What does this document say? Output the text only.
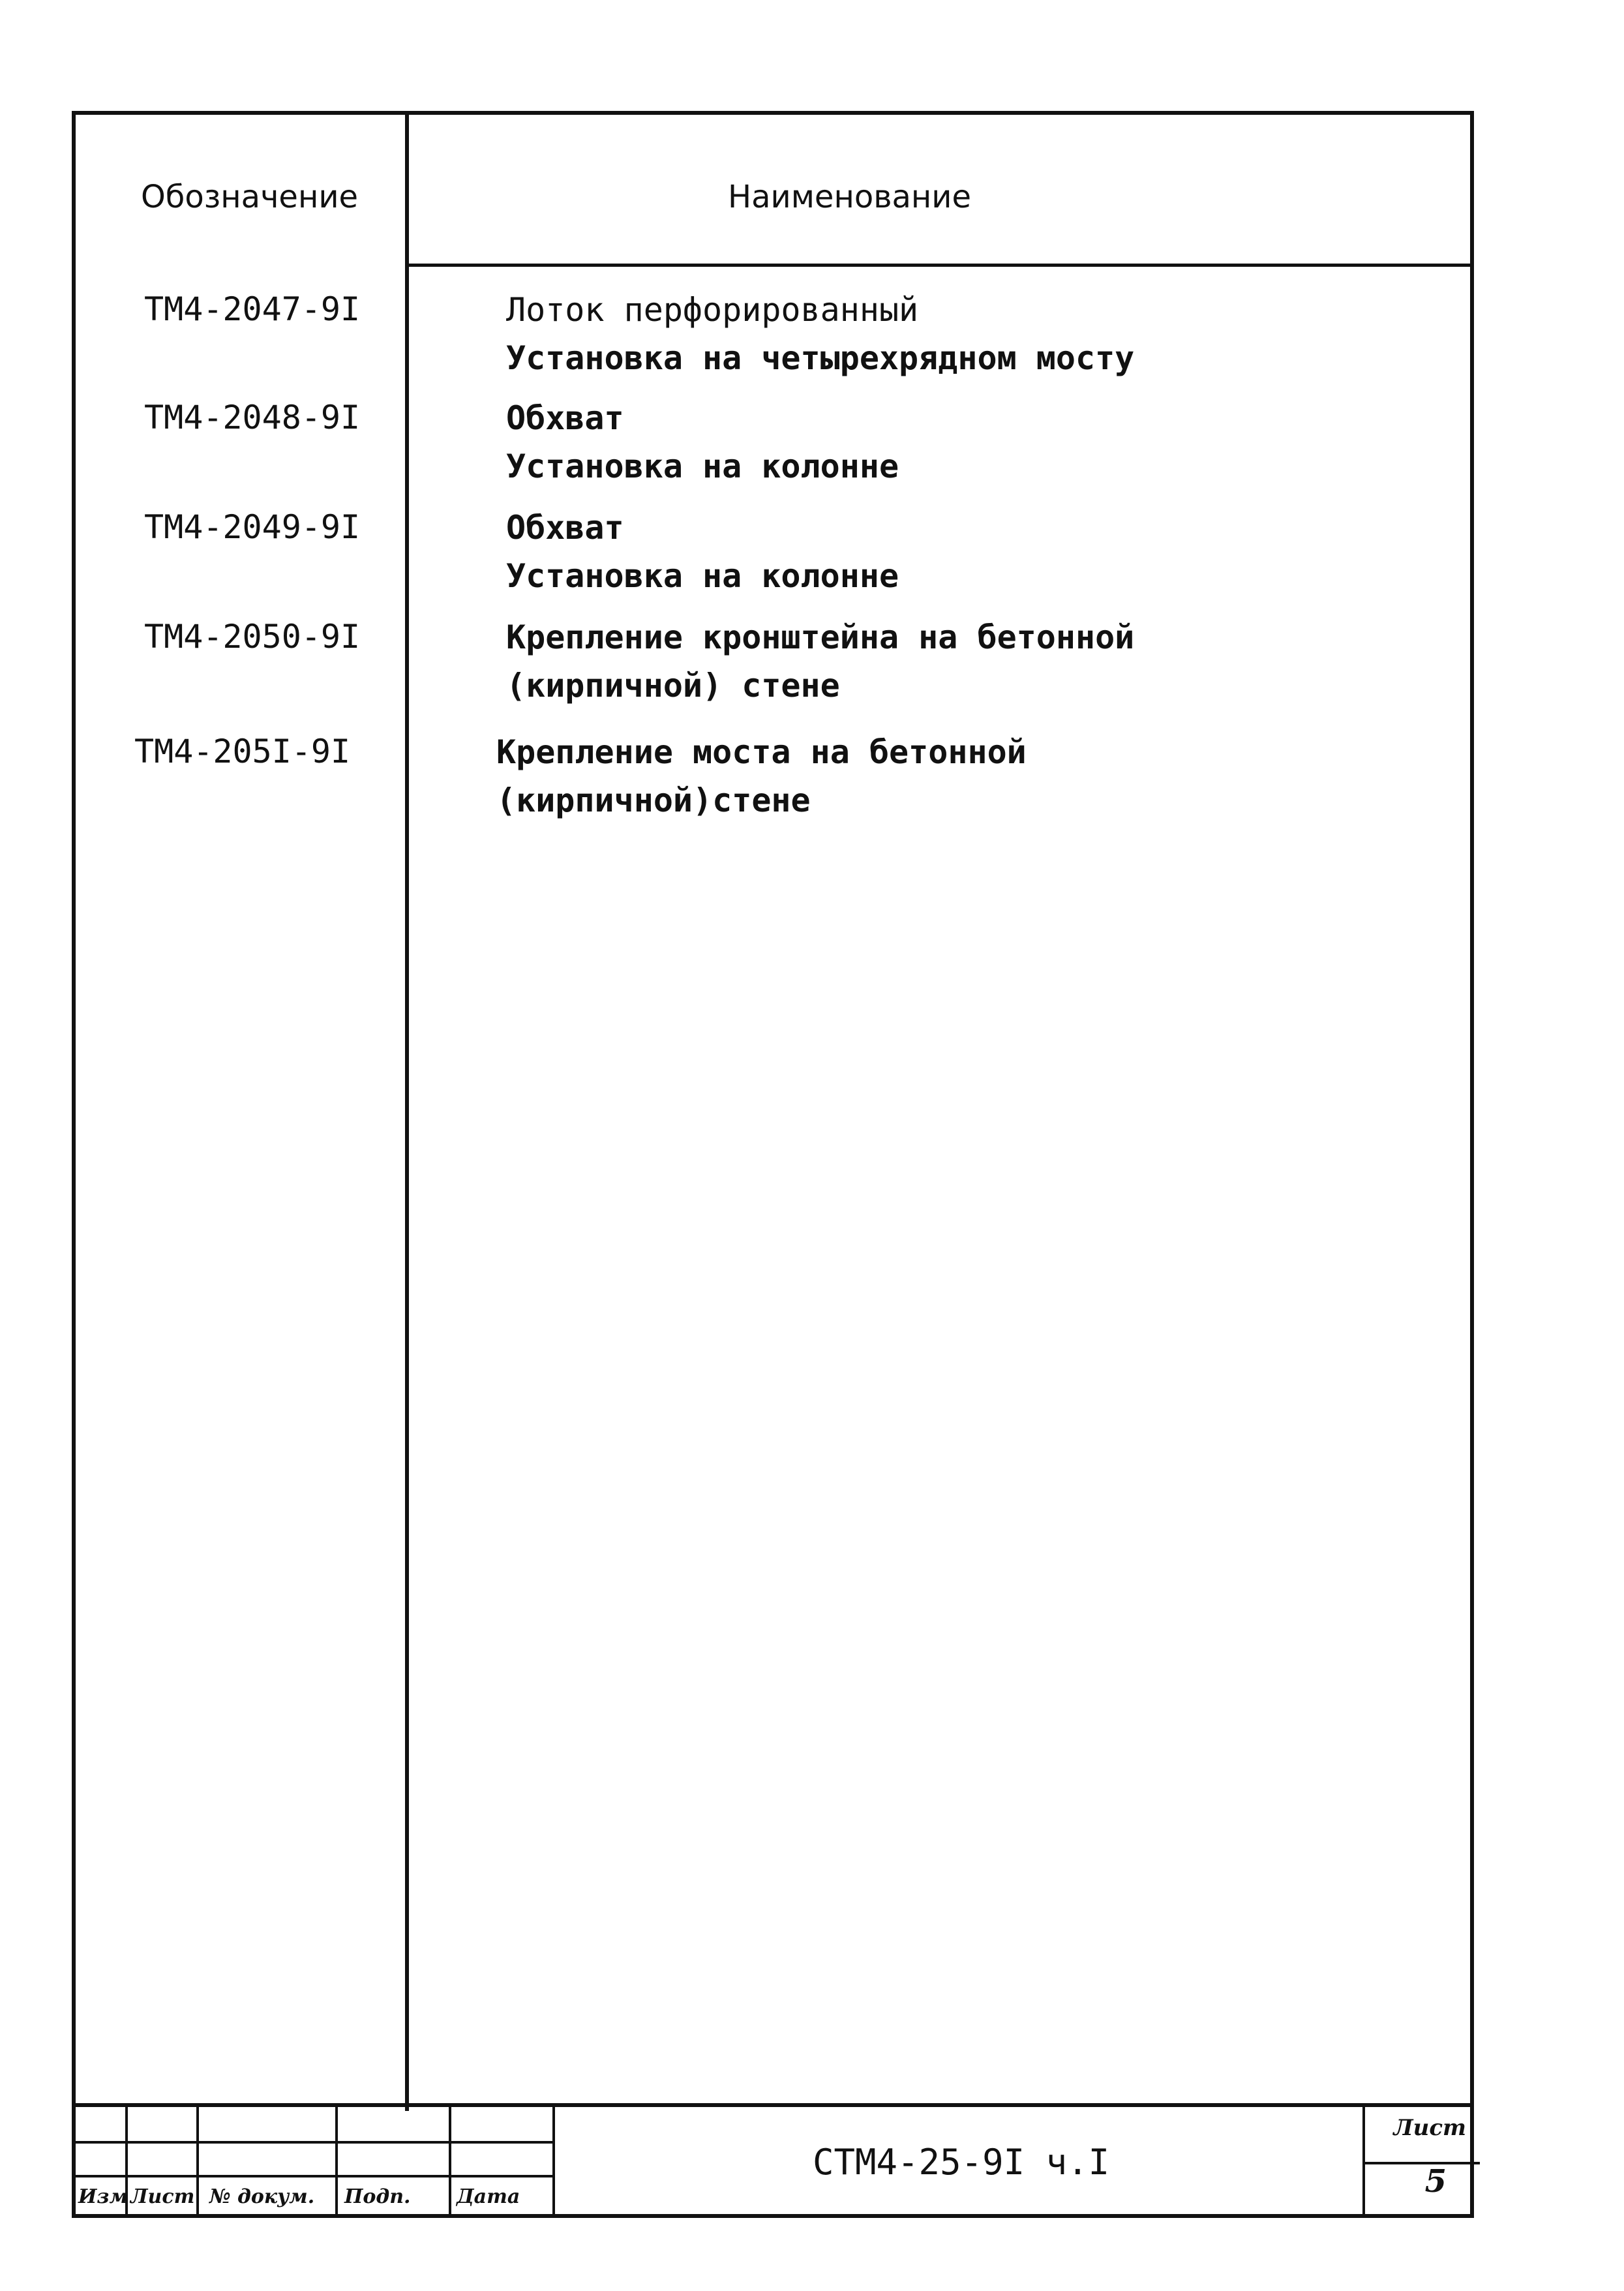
Обозначение	Наименование
ТМ4-2047-9I	Лоток перфорированный
Установка на четырехрядном мосту
ТМ4-2048-9I	Обхват
Установка на колонне
ТМ4-2049-9I	Обхват
Установка на колонне
ТМ4-2050-9I	Крепление кронштейна на бетонной
(кирпичной) стене
ТМ4-205I-9I	Крепление моста на бетонной
(кирпичной)стене
Изм Лист № докум. Подп. Дата
СТМ4-25-9I ч.I
Лист
5
